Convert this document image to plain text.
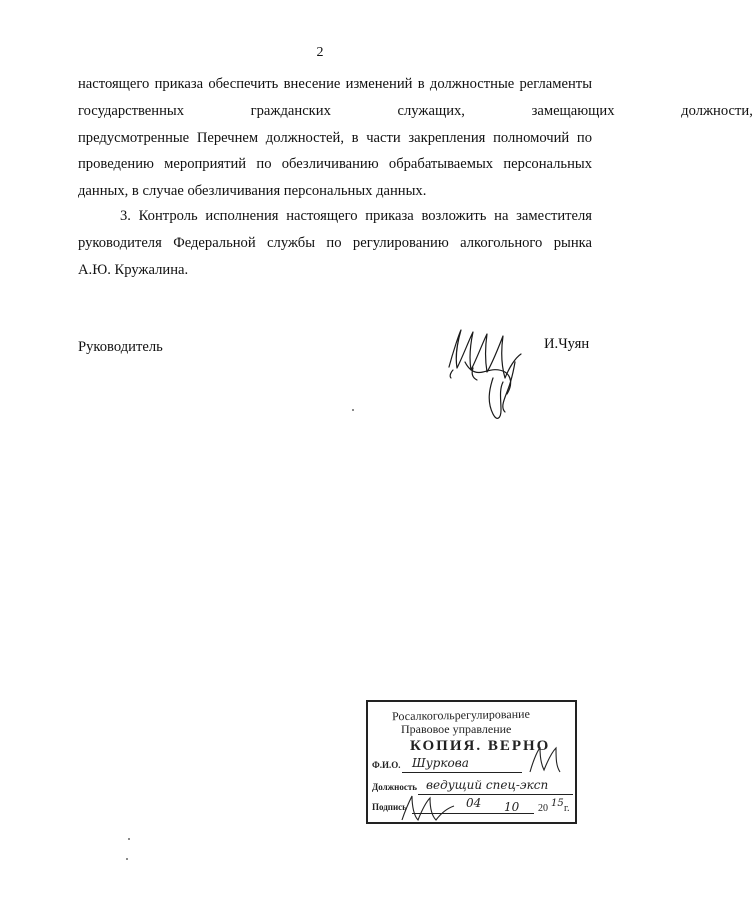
2
настоящего приказа обеспечить внесение изменений в должностные регламенты
государственных гражданских служащих, замещающих должности,
предусмотренные Перечнем должностей, в части закрепления полномочий по
проведению мероприятий по обезличиванию обрабатываемых персональных
данных, в случае обезличивания персональных данных.
3. Контроль исполнения настоящего приказа возложить на заместителя
руководителя Федеральной службы по регулированию алкогольного рынка
А.Ю. Кружалина.
Руководитель	И.Чуян
Росалкогольрегулирование
Правовое управление
КОПИЯ. ВЕРНО
Ф.И.О. Шуркова
Должность ведущий спец-эксп
Подпись	04 10 20 15 г.
